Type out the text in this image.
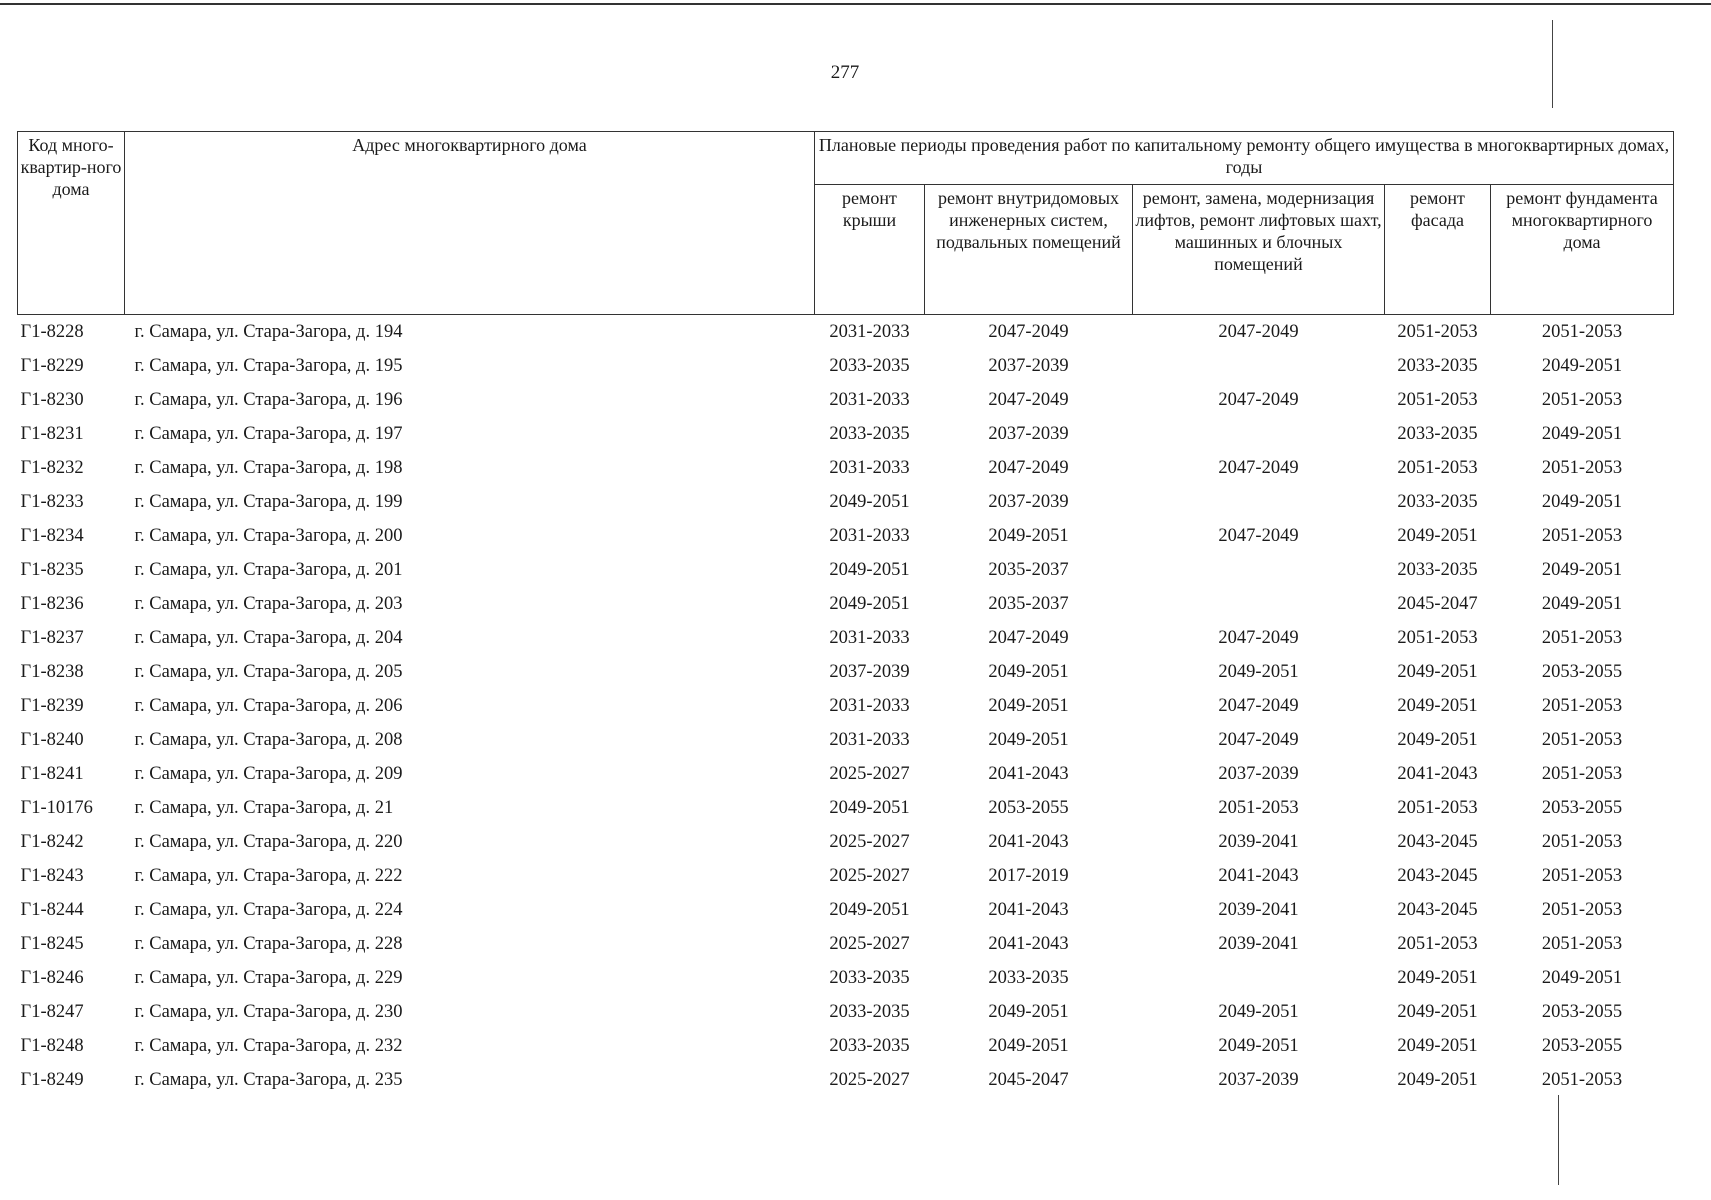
277
Код много-квартир-ного дома	Адрес многоквартирного дома	Плановые периоды проведения работ по капитальному ремонту общего имущества в многоквартирных домах, годы				
		ремонт крыши	ремонт внутридомовых инженерных систем, подвальных помещений	ремонт, замена, модернизация лифтов, ремонт лифтовых шахт, машинных и блочных помещений	ремонт фасада	ремонт фундамента многоквартирного дома
Г1-8228	г. Самара, ул. Стара-Загора, д. 194	2031-2033	2047-2049	2047-2049	2051-2053	2051-2053
Г1-8229	г. Самара, ул. Стара-Загора, д. 195	2033-2035	2037-2039		2033-2035	2049-2051
Г1-8230	г. Самара, ул. Стара-Загора, д. 196	2031-2033	2047-2049	2047-2049	2051-2053	2051-2053
Г1-8231	г. Самара, ул. Стара-Загора, д. 197	2033-2035	2037-2039		2033-2035	2049-2051
Г1-8232	г. Самара, ул. Стара-Загора, д. 198	2031-2033	2047-2049	2047-2049	2051-2053	2051-2053
Г1-8233	г. Самара, ул. Стара-Загора, д. 199	2049-2051	2037-2039		2033-2035	2049-2051
Г1-8234	г. Самара, ул. Стара-Загора, д. 200	2031-2033	2049-2051	2047-2049	2049-2051	2051-2053
Г1-8235	г. Самара, ул. Стара-Загора, д. 201	2049-2051	2035-2037		2033-2035	2049-2051
Г1-8236	г. Самара, ул. Стара-Загора, д. 203	2049-2051	2035-2037		2045-2047	2049-2051
Г1-8237	г. Самара, ул. Стара-Загора, д. 204	2031-2033	2047-2049	2047-2049	2051-2053	2051-2053
Г1-8238	г. Самара, ул. Стара-Загора, д. 205	2037-2039	2049-2051	2049-2051	2049-2051	2053-2055
Г1-8239	г. Самара, ул. Стара-Загора, д. 206	2031-2033	2049-2051	2047-2049	2049-2051	2051-2053
Г1-8240	г. Самара, ул. Стара-Загора, д. 208	2031-2033	2049-2051	2047-2049	2049-2051	2051-2053
Г1-8241	г. Самара, ул. Стара-Загора, д. 209	2025-2027	2041-2043	2037-2039	2041-2043	2051-2053
Г1-10176	г. Самара, ул. Стара-Загора, д. 21	2049-2051	2053-2055	2051-2053	2051-2053	2053-2055
Г1-8242	г. Самара, ул. Стара-Загора, д. 220	2025-2027	2041-2043	2039-2041	2043-2045	2051-2053
Г1-8243	г. Самара, ул. Стара-Загора, д. 222	2025-2027	2017-2019	2041-2043	2043-2045	2051-2053
Г1-8244	г. Самара, ул. Стара-Загора, д. 224	2049-2051	2041-2043	2039-2041	2043-2045	2051-2053
Г1-8245	г. Самара, ул. Стара-Загора, д. 228	2025-2027	2041-2043	2039-2041	2051-2053	2051-2053
Г1-8246	г. Самара, ул. Стара-Загора, д. 229	2033-2035	2033-2035		2049-2051	2049-2051
Г1-8247	г. Самара, ул. Стара-Загора, д. 230	2033-2035	2049-2051	2049-2051	2049-2051	2053-2055
Г1-8248	г. Самара, ул. Стара-Загора, д. 232	2033-2035	2049-2051	2049-2051	2049-2051	2053-2055
Г1-8249	г. Самара, ул. Стара-Загора, д. 235	2025-2027	2045-2047	2037-2039	2049-2051	2051-2053
